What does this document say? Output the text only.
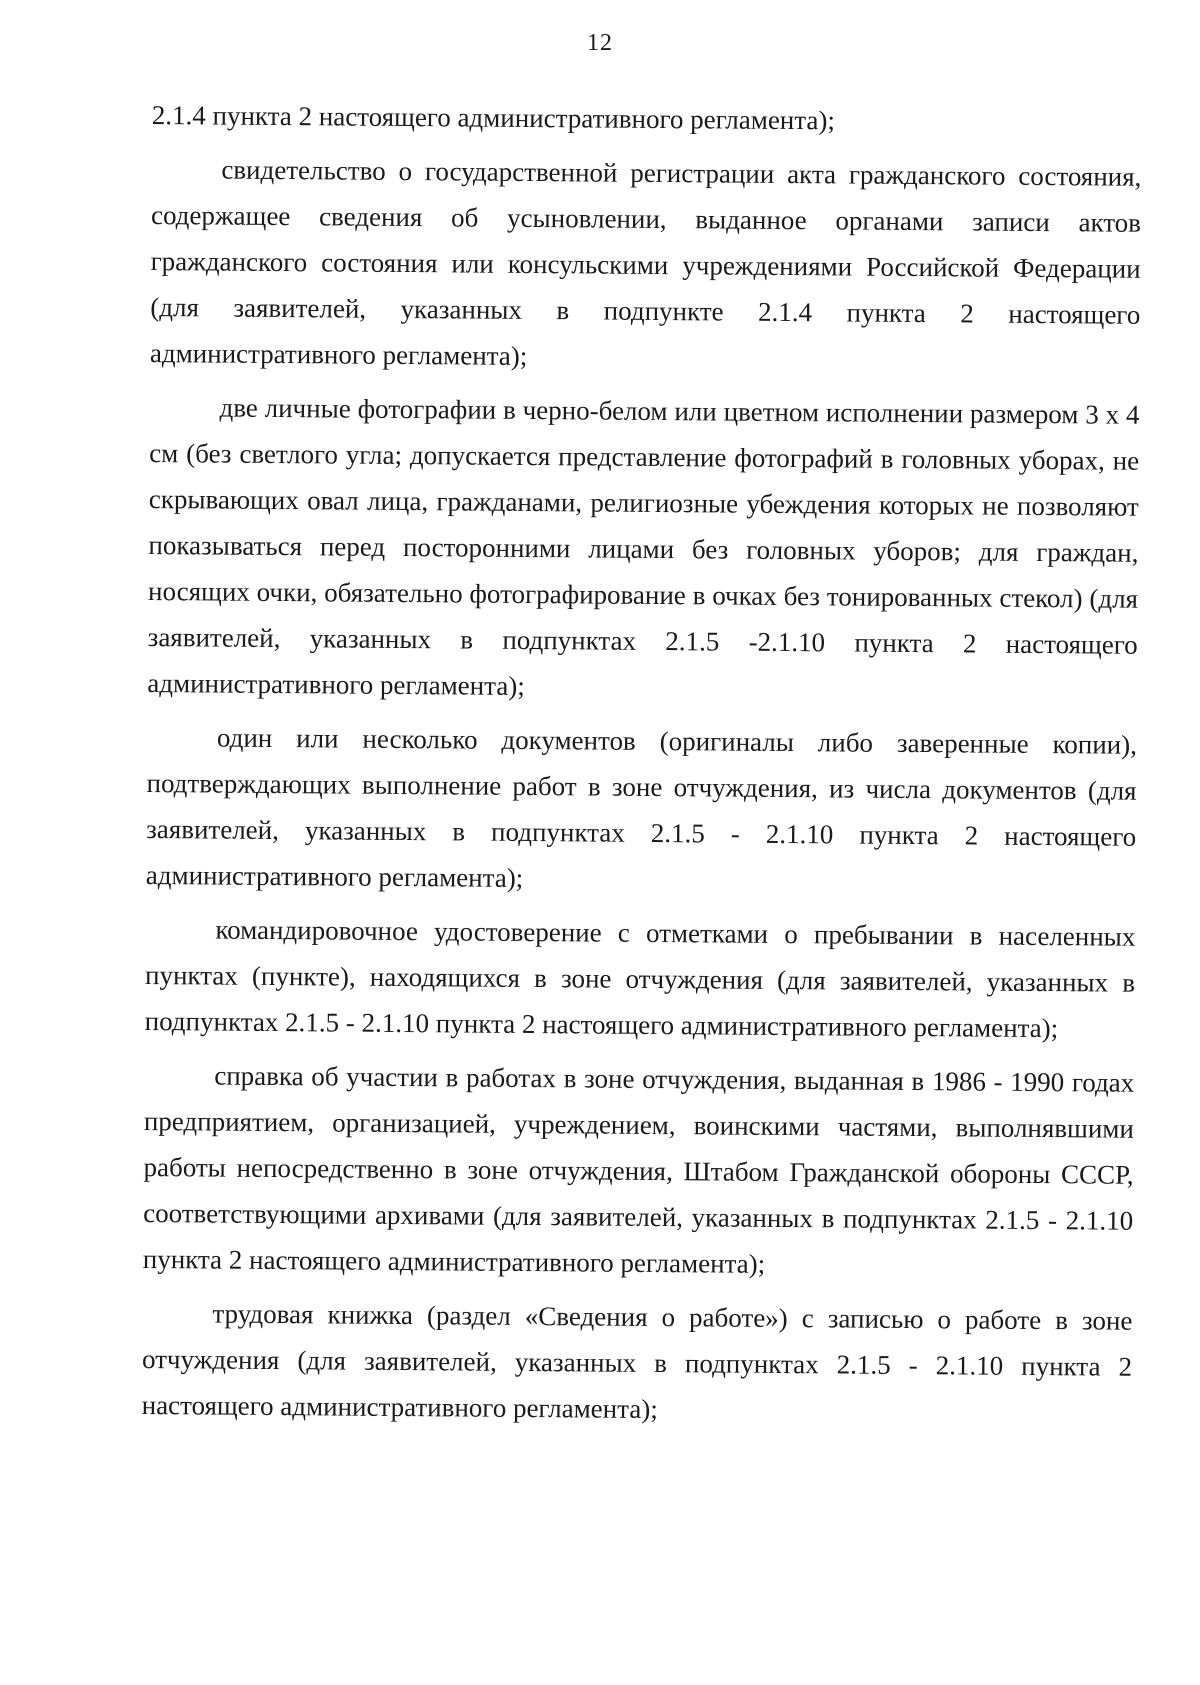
12

2.1.4 пункта 2 настоящего административного регламента);

свидетельство о государственной регистрации акта гражданского состояния, содержащее сведения об усыновлении, выданное органами записи актов гражданского состояния или консульскими учреждениями Российской Федерации (для заявителей, указанных в подпункте 2.1.4 пункта 2 настоящего административного регламента);

две личные фотографии в черно-белом или цветном исполнении размером 3 х 4 см (без светлого угла; допускается представление фотографий в головных уборах, не скрывающих овал лица, гражданами, религиозные убеждения которых не позволяют показываться перед посторонними лицами без головных уборов; для граждан, носящих очки, обязательно фотографирование в очках без тонированных стекол) (для заявителей, указанных в подпунктах 2.1.5 -2.1.10 пункта 2 настоящего административного регламента);

один или несколько документов (оригиналы либо заверенные копии), подтверждающих выполнение работ в зоне отчуждения, из числа документов (для заявителей, указанных в подпунктах 2.1.5 - 2.1.10 пункта 2 настоящего административного регламента);

командировочное удостоверение с отметками о пребывании в населенных пунктах (пункте), находящихся в зоне отчуждения (для заявителей, указанных в подпунктах 2.1.5 - 2.1.10 пункта 2 настоящего административного регламента);

справка об участии в работах в зоне отчуждения, выданная в 1986 - 1990 годах предприятием, организацией, учреждением, воинскими частями, выполнявшими работы непосредственно в зоне отчуждения, Штабом Гражданской обороны СССР, соответствующими архивами (для заявителей, указанных в подпунктах 2.1.5 - 2.1.10 пункта 2 настоящего административного регламента);

трудовая книжка (раздел «Сведения о работе») с записью о работе в зоне отчуждения (для заявителей, указанных в подпунктах 2.1.5 - 2.1.10 пункта 2 настоящего административного регламента);
